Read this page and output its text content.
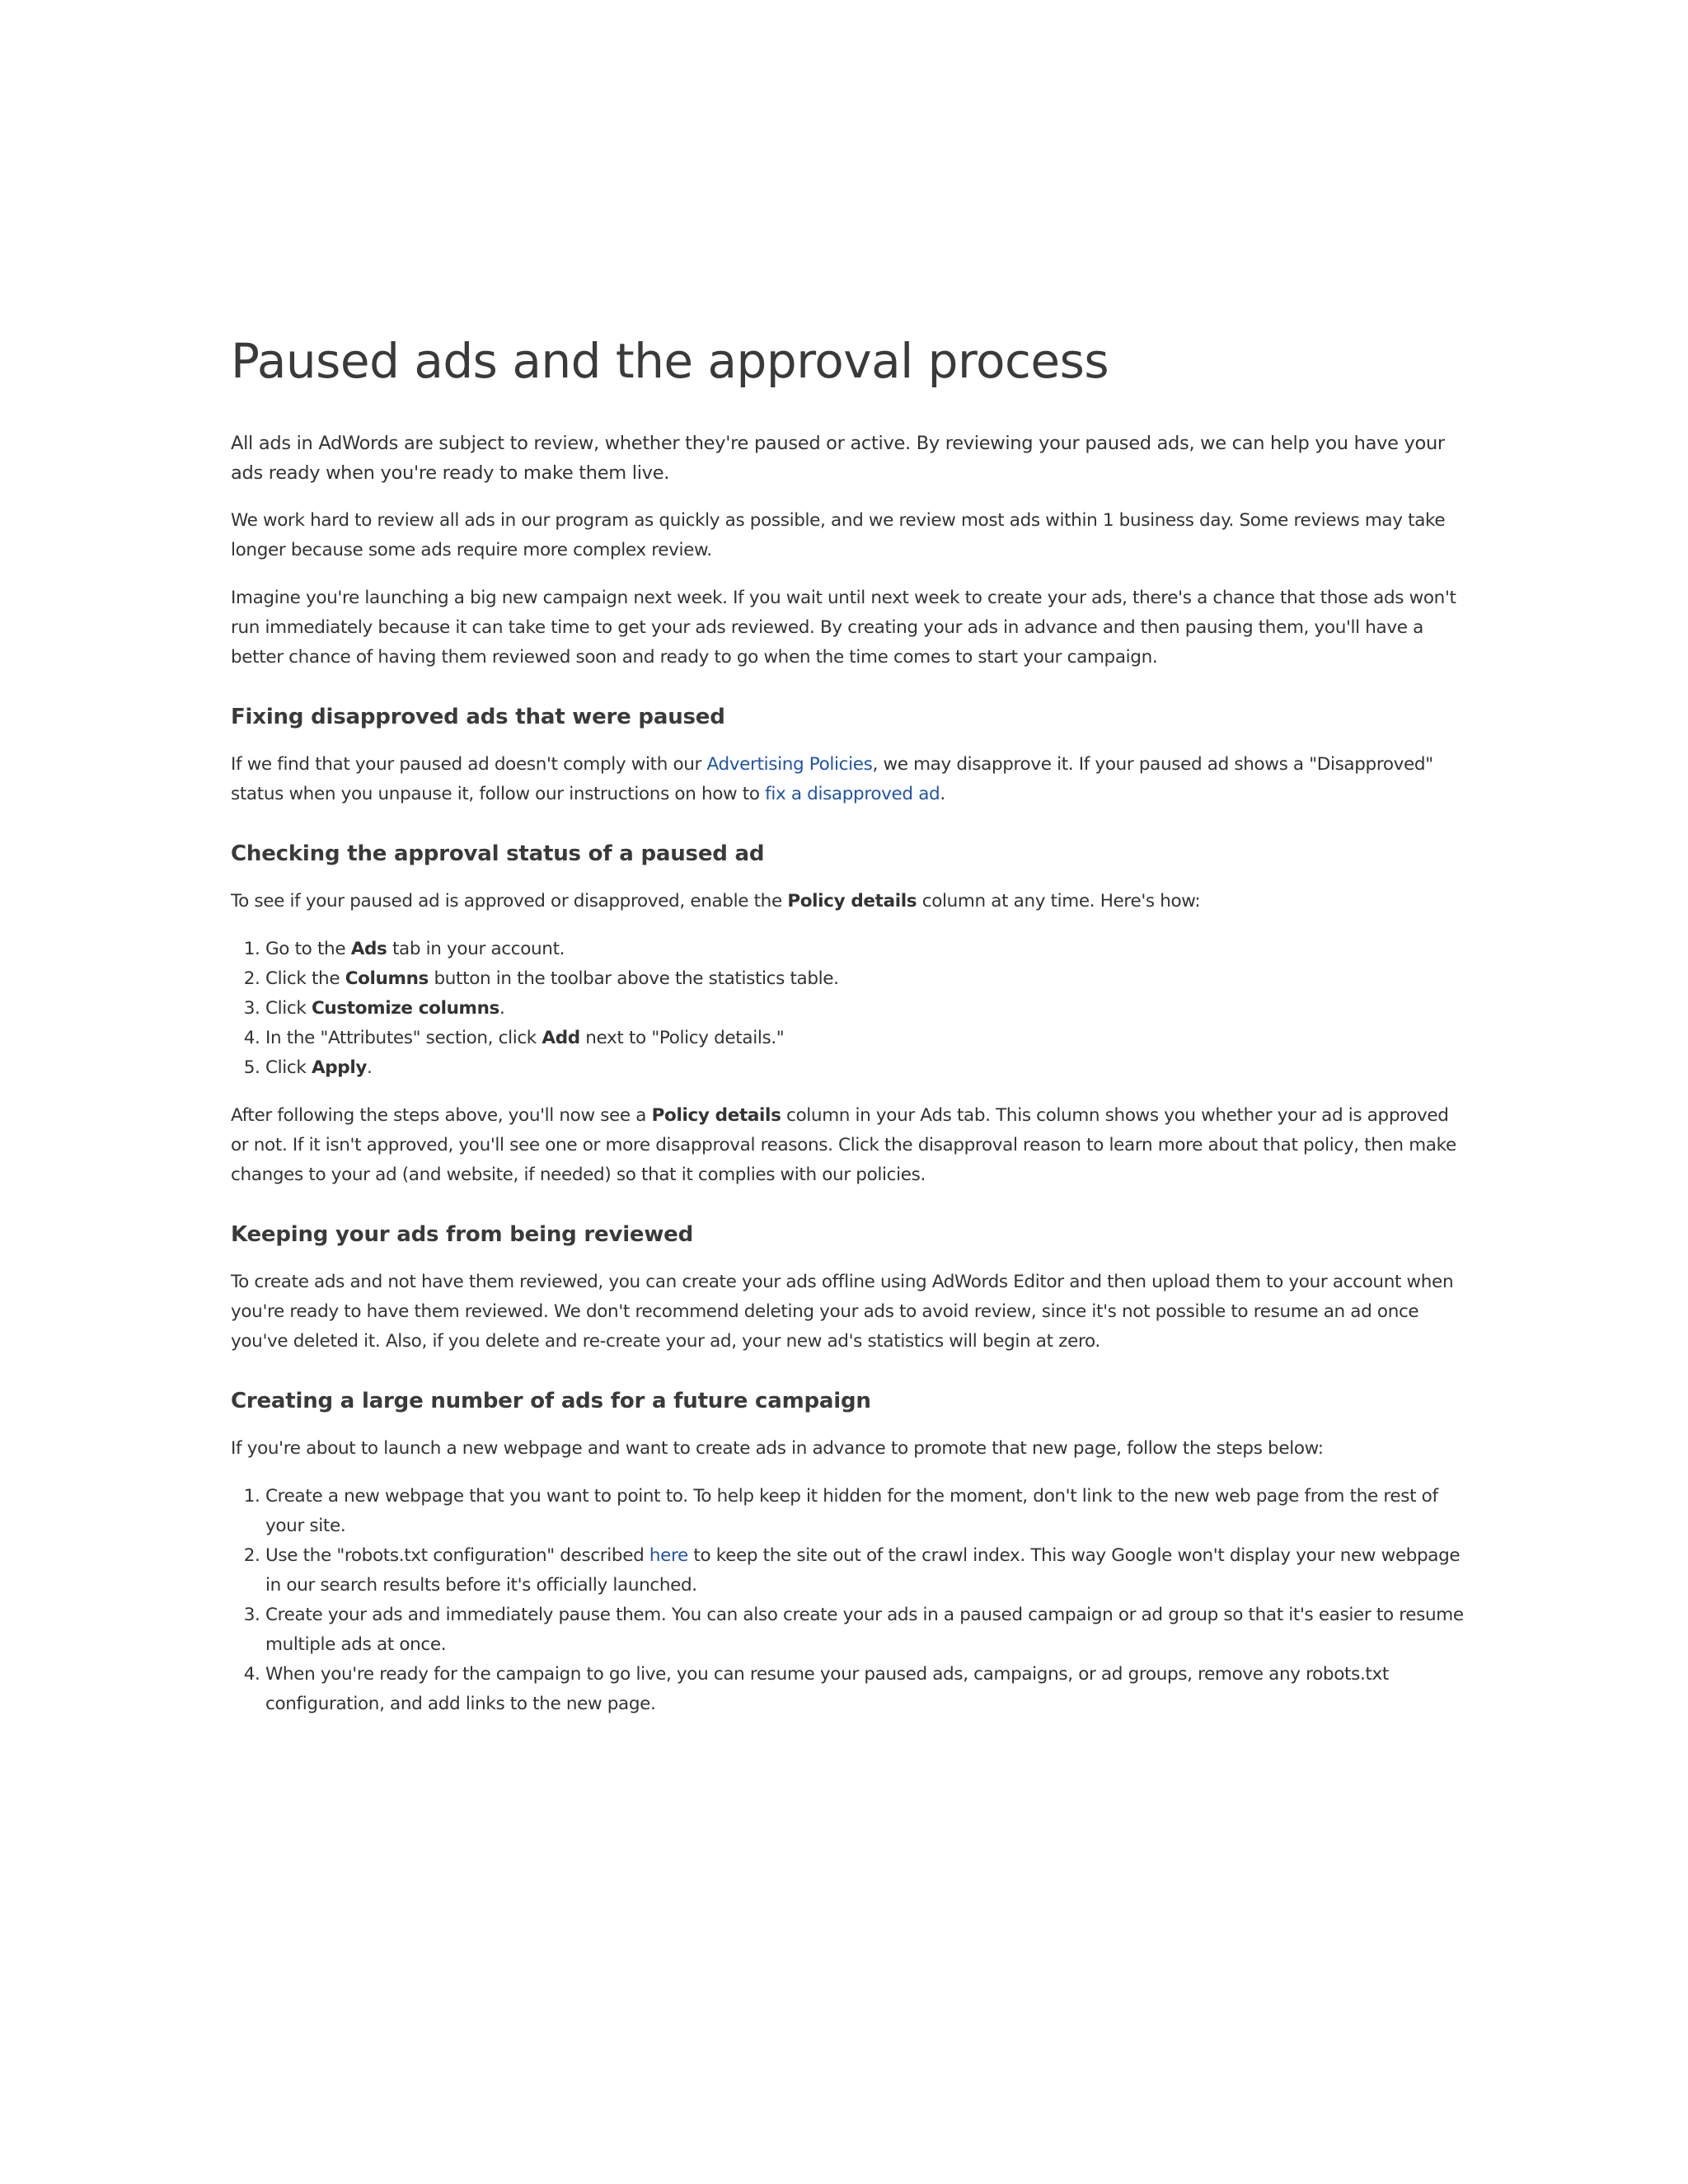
Paused ads and the approval process

All ads in AdWords are subject to review, whether they're paused or active. By reviewing your paused ads, we can help you have your ads ready when you're ready to make them live.

We work hard to review all ads in our program as quickly as possible, and we review most ads within 1 business day. Some reviews may take longer because some ads require more complex review.

Imagine you're launching a big new campaign next week. If you wait until next week to create your ads, there's a chance that those ads won't run immediately because it can take time to get your ads reviewed. By creating your ads in advance and then pausing them, you'll have a better chance of having them reviewed soon and ready to go when the time comes to start your campaign.

Fixing disapproved ads that were paused

If we find that your paused ad doesn't comply with our Advertising Policies, we may disapprove it. If your paused ad shows a "Disapproved" status when you unpause it, follow our instructions on how to fix a disapproved ad.

Checking the approval status of a paused ad

To see if your paused ad is approved or disapproved, enable the Policy details column at any time. Here's how:

1. Go to the Ads tab in your account.
2. Click the Columns button in the toolbar above the statistics table.
3. Click Customize columns.
4. In the "Attributes" section, click Add next to "Policy details."
5. Click Apply.

After following the steps above, you'll now see a Policy details column in your Ads tab. This column shows you whether your ad is approved or not. If it isn't approved, you'll see one or more disapproval reasons. Click the disapproval reason to learn more about that policy, then make changes to your ad (and website, if needed) so that it complies with our policies.

Keeping your ads from being reviewed

To create ads and not have them reviewed, you can create your ads offline using AdWords Editor and then upload them to your account when you're ready to have them reviewed. We don't recommend deleting your ads to avoid review, since it's not possible to resume an ad once you've deleted it. Also, if you delete and re-create your ad, your new ad's statistics will begin at zero.

Creating a large number of ads for a future campaign

If you're about to launch a new webpage and want to create ads in advance to promote that new page, follow the steps below:

1. Create a new webpage that you want to point to. To help keep it hidden for the moment, don't link to the new web page from the rest of your site.
2. Use the "robots.txt configuration" described here to keep the site out of the crawl index. This way Google won't display your new webpage in our search results before it's officially launched.
3. Create your ads and immediately pause them. You can also create your ads in a paused campaign or ad group so that it's easier to resume multiple ads at once.
4. When you're ready for the campaign to go live, you can resume your paused ads, campaigns, or ad groups, remove any robots.txt configuration, and add links to the new page.
